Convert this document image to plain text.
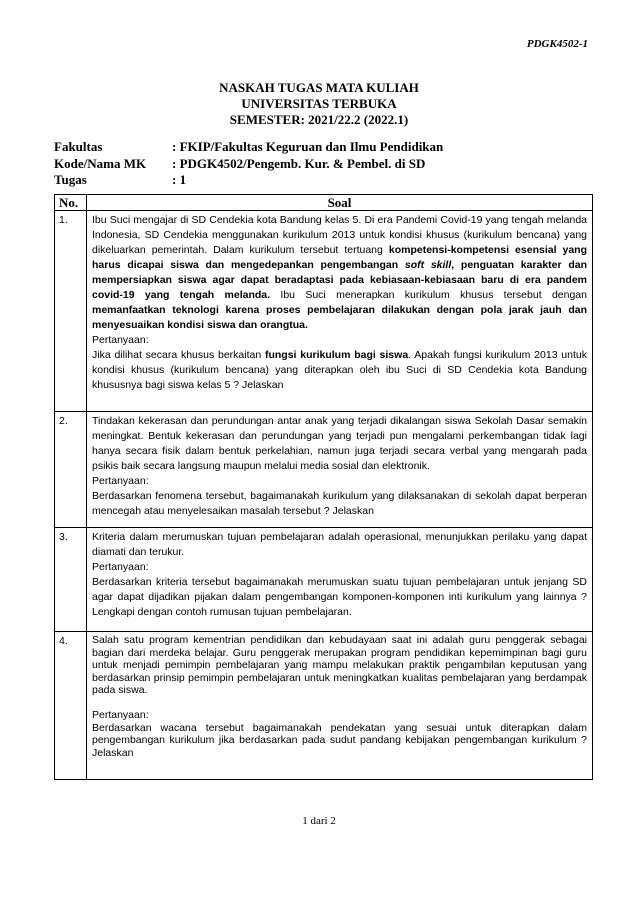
PDGK4502-1
NASKAH TUGAS MATA KULIAH
UNIVERSITAS TERBUKA
SEMESTER: 2021/22.2 (2022.1)
Fakultas	: FKIP/Fakultas Keguruan dan Ilmu Pendidikan
Kode/Nama MK	: PDGK4502/Pengemb. Kur. & Pembel. di SD
Tugas	: 1
No.	Soal
1.	Ibu Suci mengajar di SD Cendekia kota Bandung kelas 5. Di era Pandemi Covid-19 yang tengah melanda Indonesia, SD Cendekia menggunakan kurikulum 2013 untuk kondisi khusus (kurikulum bencana) yang dikeluarkan pemerintah. Dalam kurikulum tersebut tertuang kompetensi-kompetensi esensial yang harus dicapai siswa dan mengedepankan pengembangan soft skill, penguatan karakter dan mempersiapkan siswa agar dapat beradaptasi pada kebiasaan-kebiasaan baru di era pandem covid-19 yang tengah melanda. Ibu Suci menerapkan kurikulum khusus tersebut dengan memanfaatkan teknologi karena proses pembelajaran dilakukan dengan pola jarak jauh dan menyesuaikan kondisi siswa dan orangtua.

Pertanyaan:

Jika dilihat secara khusus berkaitan fungsi kurikulum bagi siswa. Apakah fungsi kurikulum 2013 untuk kondisi khusus (kurikulum bencana) yang diterapkan oleh ibu Suci di SD Cendekia kota Bandung khususnya bagi siswa kelas 5 ? Jelaskan

2.	Tindakan kekerasan dan perundungan antar anak yang terjadi dikalangan siswa Sekolah Dasar semakin meningkat. Bentuk kekerasan dan perundungan yang terjadi pun mengalami perkembangan tidak lagi hanya secara fisik dalam bentuk perkelahian, namun juga terjadi secara verbal yang mengarah pada psikis baik secara langsung maupun melalui media sosial dan elektronik.

Pertanyaan:

Berdasarkan fenomena tersebut, bagaimanakah kurikulum yang dilaksanakan di sekolah dapat berperan mencegah atau menyelesaikan masalah tersebut ? Jelaskan

3.	Kriteria dalam merumuskan tujuan pembelajaran adalah operasional, menunjukkan perilaku yang dapat diamati dan terukur.

Pertanyaan:

Berdasarkan kriteria tersebut bagaimanakah merumuskan suatu tujuan pembelajaran untuk jenjang SD agar dapat dijadikan pijakan dalam pengembangan komponen-komponen inti kurikulum yang lainnya ? Lengkapi dengan contoh rumusan tujuan pembelajaran.

4.	Salah satu program kementrian pendidikan dan kebudayaan saat ini adalah guru penggerak sebagai bagian dari merdeka belajar. Guru penggerak merupakan program pendidikan kepemimpinan bagi guru untuk menjadi pemimpin pembelajaran yang mampu melakukan praktik pengambilan keputusan yang berdasarkan prinsip pemimpin pembelajaran untuk meningkatkan kualitas pembelajaran yang berdampak pada siswa.

Pertanyaan:

Berdasarkan wacana tersebut bagaimanakah pendekatan yang sesuai untuk diterapkan dalam pengembangan kurikulum jika berdasarkan pada sudut pandang kebijakan pengembangan kurikulum ? Jelaskan

1 dari 2
